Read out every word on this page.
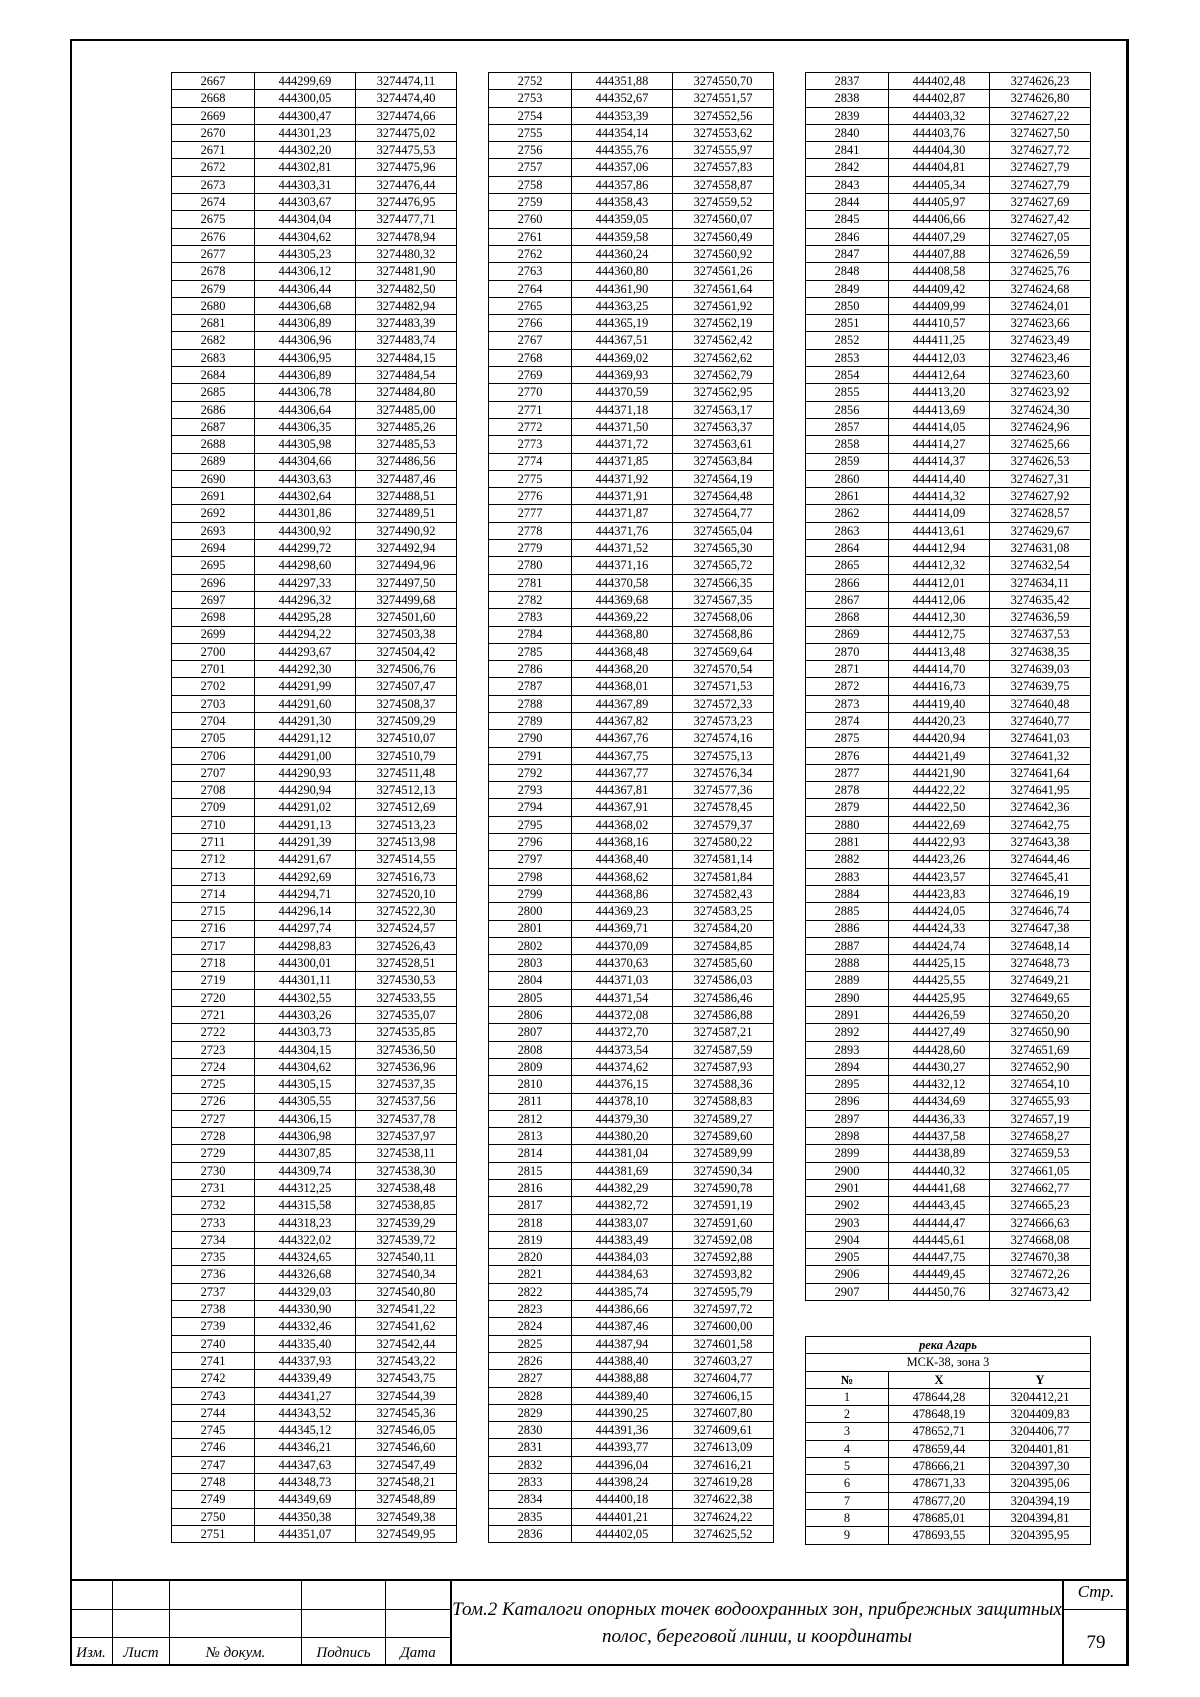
2667	444299,69	3274474,11
2668	444300,05	3274474,40
2669	444300,47	3274474,66
2670	444301,23	3274475,02
2671	444302,20	3274475,53
2672	444302,81	3274475,96
2673	444303,31	3274476,44
2674	444303,67	3274476,95
2675	444304,04	3274477,71
2676	444304,62	3274478,94
2677	444305,23	3274480,32
2678	444306,12	3274481,90
2679	444306,44	3274482,50
2680	444306,68	3274482,94
2681	444306,89	3274483,39
2682	444306,96	3274483,74
2683	444306,95	3274484,15
2684	444306,89	3274484,54
2685	444306,78	3274484,80
2686	444306,64	3274485,00
2687	444306,35	3274485,26
2688	444305,98	3274485,53
2689	444304,66	3274486,56
2690	444303,63	3274487,46
2691	444302,64	3274488,51
2692	444301,86	3274489,51
2693	444300,92	3274490,92
2694	444299,72	3274492,94
2695	444298,60	3274494,96
2696	444297,33	3274497,50
2697	444296,32	3274499,68
2698	444295,28	3274501,60
2699	444294,22	3274503,38
2700	444293,67	3274504,42
2701	444292,30	3274506,76
2702	444291,99	3274507,47
2703	444291,60	3274508,37
2704	444291,30	3274509,29
2705	444291,12	3274510,07
2706	444291,00	3274510,79
2707	444290,93	3274511,48
2708	444290,94	3274512,13
2709	444291,02	3274512,69
2710	444291,13	3274513,23
2711	444291,39	3274513,98
2712	444291,67	3274514,55
2713	444292,69	3274516,73
2714	444294,71	3274520,10
2715	444296,14	3274522,30
2716	444297,74	3274524,57
2717	444298,83	3274526,43
2718	444300,01	3274528,51
2719	444301,11	3274530,53
2720	444302,55	3274533,55
2721	444303,26	3274535,07
2722	444303,73	3274535,85
2723	444304,15	3274536,50
2724	444304,62	3274536,96
2725	444305,15	3274537,35
2726	444305,55	3274537,56
2727	444306,15	3274537,78
2728	444306,98	3274537,97
2729	444307,85	3274538,11
2730	444309,74	3274538,30
2731	444312,25	3274538,48
2732	444315,58	3274538,85
2733	444318,23	3274539,29
2734	444322,02	3274539,72
2735	444324,65	3274540,11
2736	444326,68	3274540,34
2737	444329,03	3274540,80
2738	444330,90	3274541,22
2739	444332,46	3274541,62
2740	444335,40	3274542,44
2741	444337,93	3274543,22
2742	444339,49	3274543,75
2743	444341,27	3274544,39
2744	444343,52	3274545,36
2745	444345,12	3274546,05
2746	444346,21	3274546,60
2747	444347,63	3274547,49
2748	444348,73	3274548,21
2749	444349,69	3274548,89
2750	444350,38	3274549,38
2751	444351,07	3274549,95
2752	444351,88	3274550,70
2753	444352,67	3274551,57
2754	444353,39	3274552,56
2755	444354,14	3274553,62
2756	444355,76	3274555,97
2757	444357,06	3274557,83
2758	444357,86	3274558,87
2759	444358,43	3274559,52
2760	444359,05	3274560,07
2761	444359,58	3274560,49
2762	444360,24	3274560,92
2763	444360,80	3274561,26
2764	444361,90	3274561,64
2765	444363,25	3274561,92
2766	444365,19	3274562,19
2767	444367,51	3274562,42
2768	444369,02	3274562,62
2769	444369,93	3274562,79
2770	444370,59	3274562,95
2771	444371,18	3274563,17
2772	444371,50	3274563,37
2773	444371,72	3274563,61
2774	444371,85	3274563,84
2775	444371,92	3274564,19
2776	444371,91	3274564,48
2777	444371,87	3274564,77
2778	444371,76	3274565,04
2779	444371,52	3274565,30
2780	444371,16	3274565,72
2781	444370,58	3274566,35
2782	444369,68	3274567,35
2783	444369,22	3274568,06
2784	444368,80	3274568,86
2785	444368,48	3274569,64
2786	444368,20	3274570,54
2787	444368,01	3274571,53
2788	444367,89	3274572,33
2789	444367,82	3274573,23
2790	444367,76	3274574,16
2791	444367,75	3274575,13
2792	444367,77	3274576,34
2793	444367,81	3274577,36
2794	444367,91	3274578,45
2795	444368,02	3274579,37
2796	444368,16	3274580,22
2797	444368,40	3274581,14
2798	444368,62	3274581,84
2799	444368,86	3274582,43
2800	444369,23	3274583,25
2801	444369,71	3274584,20
2802	444370,09	3274584,85
2803	444370,63	3274585,60
2804	444371,03	3274586,03
2805	444371,54	3274586,46
2806	444372,08	3274586,88
2807	444372,70	3274587,21
2808	444373,54	3274587,59
2809	444374,62	3274587,93
2810	444376,15	3274588,36
2811	444378,10	3274588,83
2812	444379,30	3274589,27
2813	444380,20	3274589,60
2814	444381,04	3274589,99
2815	444381,69	3274590,34
2816	444382,29	3274590,78
2817	444382,72	3274591,19
2818	444383,07	3274591,60
2819	444383,49	3274592,08
2820	444384,03	3274592,88
2821	444384,63	3274593,82
2822	444385,74	3274595,79
2823	444386,66	3274597,72
2824	444387,46	3274600,00
2825	444387,94	3274601,58
2826	444388,40	3274603,27
2827	444388,88	3274604,77
2828	444389,40	3274606,15
2829	444390,25	3274607,80
2830	444391,36	3274609,61
2831	444393,77	3274613,09
2832	444396,04	3274616,21
2833	444398,24	3274619,28
2834	444400,18	3274622,38
2835	444401,21	3274624,22
2836	444402,05	3274625,52
2837	444402,48	3274626,23
2838	444402,87	3274626,80
2839	444403,32	3274627,22
2840	444403,76	3274627,50
2841	444404,30	3274627,72
2842	444404,81	3274627,79
2843	444405,34	3274627,79
2844	444405,97	3274627,69
2845	444406,66	3274627,42
2846	444407,29	3274627,05
2847	444407,88	3274626,59
2848	444408,58	3274625,76
2849	444409,42	3274624,68
2850	444409,99	3274624,01
2851	444410,57	3274623,66
2852	444411,25	3274623,49
2853	444412,03	3274623,46
2854	444412,64	3274623,60
2855	444413,20	3274623,92
2856	444413,69	3274624,30
2857	444414,05	3274624,96
2858	444414,27	3274625,66
2859	444414,37	3274626,53
2860	444414,40	3274627,31
2861	444414,32	3274627,92
2862	444414,09	3274628,57
2863	444413,61	3274629,67
2864	444412,94	3274631,08
2865	444412,32	3274632,54
2866	444412,01	3274634,11
2867	444412,06	3274635,42
2868	444412,30	3274636,59
2869	444412,75	3274637,53
2870	444413,48	3274638,35
2871	444414,70	3274639,03
2872	444416,73	3274639,75
2873	444419,40	3274640,48
2874	444420,23	3274640,77
2875	444420,94	3274641,03
2876	444421,49	3274641,32
2877	444421,90	3274641,64
2878	444422,22	3274641,95
2879	444422,50	3274642,36
2880	444422,69	3274642,75
2881	444422,93	3274643,38
2882	444423,26	3274644,46
2883	444423,57	3274645,41
2884	444423,83	3274646,19
2885	444424,05	3274646,74
2886	444424,33	3274647,38
2887	444424,74	3274648,14
2888	444425,15	3274648,73
2889	444425,55	3274649,21
2890	444425,95	3274649,65
2891	444426,59	3274650,20
2892	444427,49	3274650,90
2893	444428,60	3274651,69
2894	444430,27	3274652,90
2895	444432,12	3274654,10
2896	444434,69	3274655,93
2897	444436,33	3274657,19
2898	444437,58	3274658,27
2899	444438,89	3274659,53
2900	444440,32	3274661,05
2901	444441,68	3274662,77
2902	444443,45	3274665,23
2903	444444,47	3274666,63
2904	444445,61	3274668,08
2905	444447,75	3274670,38
2906	444449,45	3274672,26
2907	444450,76	3274673,42
река Агарь		
МСК-38, зона 3		
№	X	Y
1	478644,28	3204412,21
2	478648,19	3204409,83
3	478652,71	3204406,77
4	478659,44	3204401,81
5	478666,21	3204397,30
6	478671,33	3204395,06
7	478677,20	3204394,19
8	478685,01	3204394,81
9	478693,55	3204395,95
Изм.	Лист	№ докум.	Подпись	Дата
Том.2 Каталоги опорных точек водоохранных зон, прибрежных защитных полос, береговой линии, и координаты
Стр.
79
